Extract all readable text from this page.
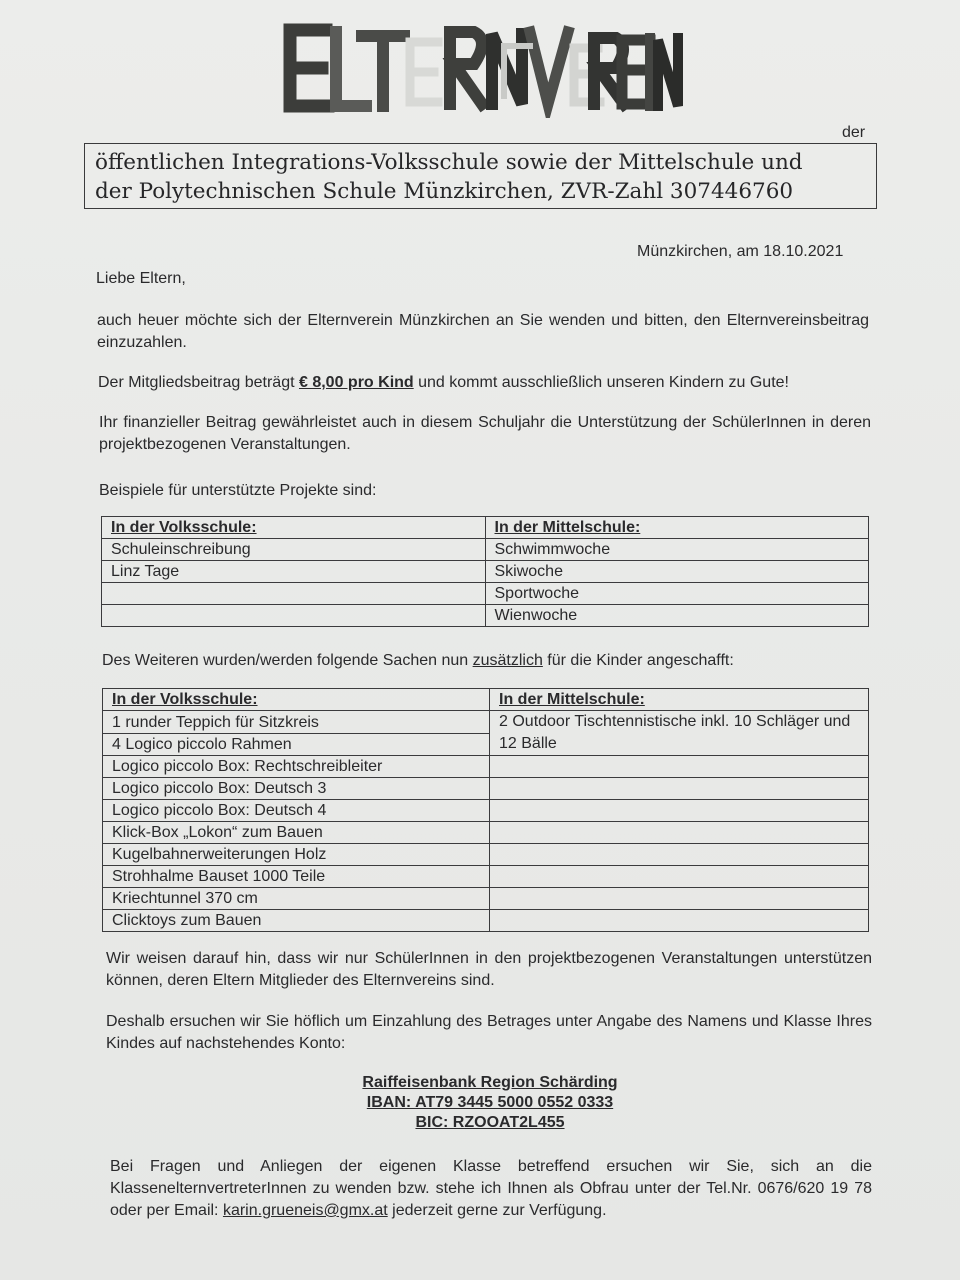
der
öffentlichen Integrations-Volksschule sowie der Mittelschule und
der Polytechnischen Schule Münzkirchen, ZVR-Zahl 307446760
Münzkirchen, am 18.10.2021
Liebe Eltern,
auch heuer möchte sich der Elternverein Münzkirchen an Sie wenden und bitten, den Elternvereinsbeitrag einzuzahlen.
Der Mitgliedsbeitrag beträgt € 8,00 pro Kind und kommt ausschließlich unseren Kindern zu Gute!
Ihr finanzieller Beitrag gewährleistet auch in diesem Schuljahr die Unterstützung der SchülerInnen in deren projektbezogenen Veranstaltungen.
Beispiele für unterstützte Projekte sind:
In der Volksschule:	In der Mittelschule:
Schuleinschreibung	Schwimmwoche
Linz Tage	Skiwoche
	Sportwoche
	Wienwoche
Des Weiteren wurden/werden folgende Sachen nun zusätzlich für die Kinder angeschafft:
In der Volksschule:	In der Mittelschule:
1 runder Teppich für Sitzkreis	2 Outdoor Tischtennistische inkl. 10 Schläger und 12 Bälle
4 Logico piccolo Rahmen	
Logico piccolo Box: Rechtschreibleiter	
Logico piccolo Box: Deutsch 3	
Logico piccolo Box: Deutsch 4	
Klick-Box „Lokon“ zum Bauen	
Kugelbahnerweiterungen Holz	
Strohhalme Bauset 1000 Teile	
Kriechtunnel 370 cm	
Clicktoys zum Bauen	
Wir weisen darauf hin, dass wir nur SchülerInnen in den projektbezogenen Veranstaltungen unterstützen können, deren Eltern Mitglieder des Elternvereins sind.
Deshalb ersuchen wir Sie höflich um Einzahlung des Betrages unter Angabe des Namens und Klasse Ihres Kindes auf nachstehendes Konto:
Raiffeisenbank Region Schärding
IBAN: AT79 3445 5000 0552 0333
BIC: RZOOAT2L455
Bei Fragen und Anliegen der eigenen Klasse betreffend ersuchen wir Sie, sich an die KlassenelternvertreterInnen zu wenden bzw. stehe ich Ihnen als Obfrau unter der Tel.Nr. 0676/620 19 78 oder per Email: karin.grueneis@gmx.at jederzeit gerne zur Verfügung.
